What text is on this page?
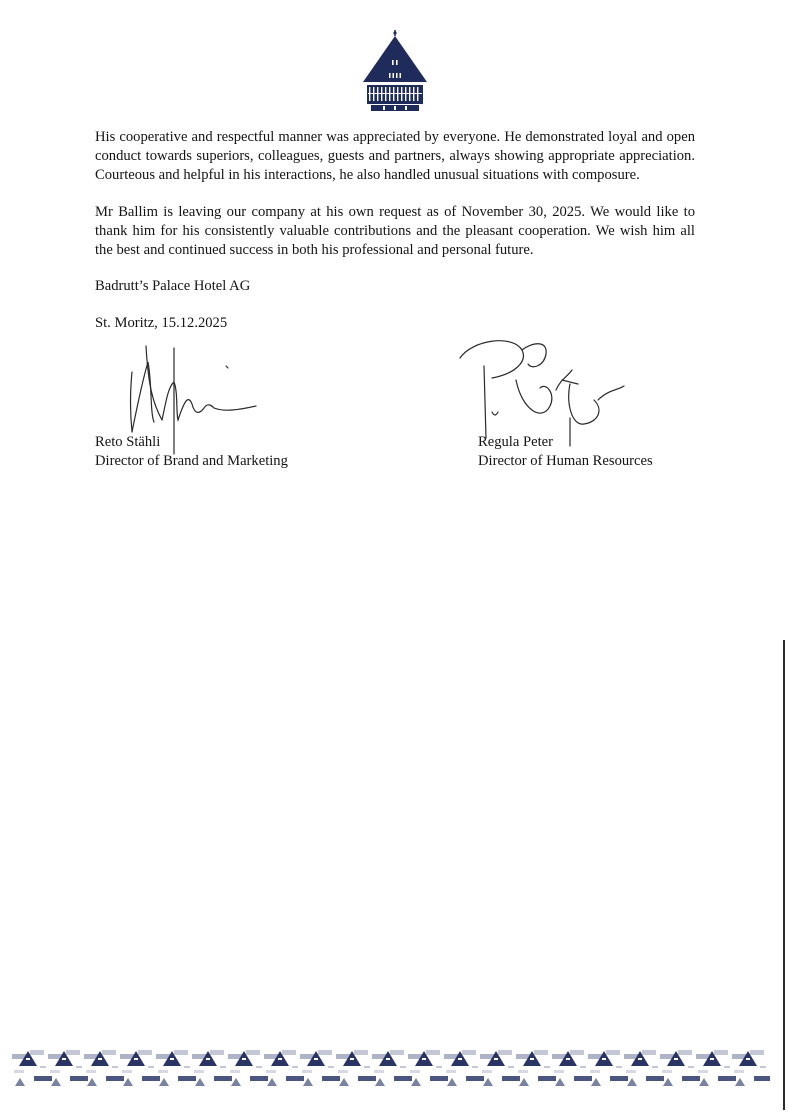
His cooperative and respectful manner was appreciated by everyone. He demonstrated loyal and open conduct towards superiors, colleagues, guests and partners, always showing appropriate appreciation. Courteous and helpful in his interactions, he also handled unusual situations with composure.

Mr Ballim is leaving our company at his own request as of November 30, 2025. We would like to thank him for his consistently valuable contributions and the pleasant cooperation. We wish him all the best and continued success in both his professional and personal future.

Badrutt’s Palace Hotel AG

St. Moritz, 15.12.2025

Reto Stähli
Director of Brand and Marketing
Regula Peter
Director of Human Resources
